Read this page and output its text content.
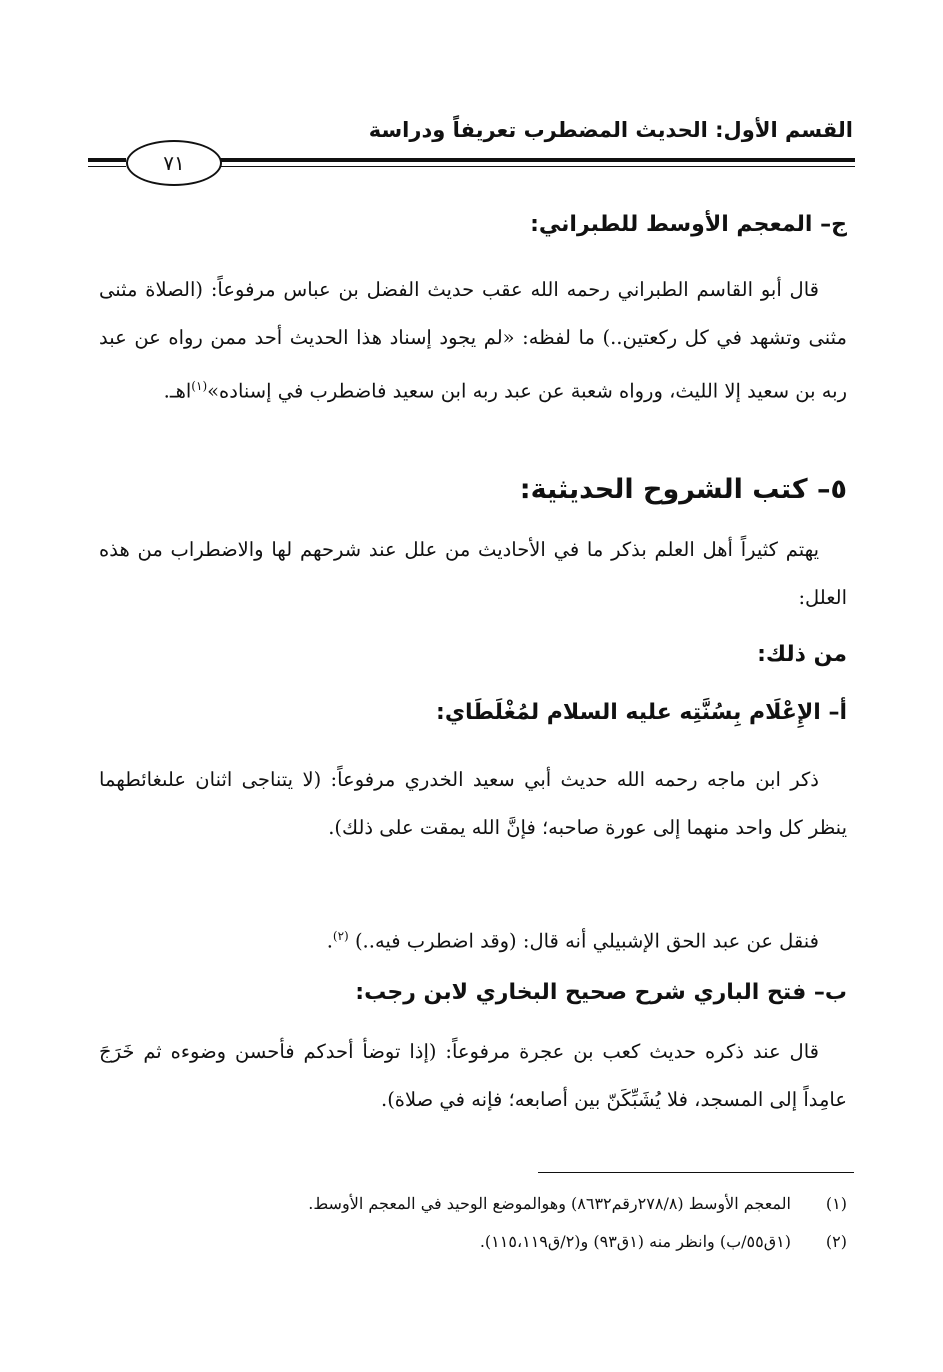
القسم الأول: الحديث المضطرب تعريفاً ودراسة
٧١
ج– المعجم الأوسط للطبراني:
قال أبو القاسم الطبراني رحمه الله عقب حديث الفضل بن عباس مرفوعاً: (الصلاة مثنى مثنى وتشهد في كل ركعتين..) ما لفظه: «لم يجود إسناد هذا الحديث أحد ممن رواه عن عبد ربه بن سعيد إلا الليث، ورواه شعبة عن عبد ربه ابن سعيد فاضطرب في إسناده»$^{(١)}$اهـ.
٥– كتب الشروح الحديثية:
يهتم كثيراً أهل العلم بذكر ما في الأحاديث من علل عند شرحهم لها والاضطراب من هذه العلل:
من ذلك:
أ– الإِعْلَام بِسُنَّتِه عليه السلام لمُغْلَطَاي:
ذكر ابن ماجه رحمه الله حديث أبي سعيد الخدري مرفوعاً: (لا يتناجى اثنان علىغائطهما ينظر كل واحد منهما إلى عورة صاحبه؛ فإنَّ الله يمقت على ذلك).
فنقل عن عبد الحق الإشبيلي أنه قال: (وقد اضطرب فيه..) $^{(٢)}$.
ب– فتح الباري شرح صحيح البخاري لابن رجب:
قال عند ذكره حديث كعب بن عجرة مرفوعاً: (إذا توضأ أحدكم فأحسن وضوءه ثم خَرَجَ عامِداً إلى المسجد، فلا يُشَبِّكَنّ بين أصابعه؛ فإنه في صلاة).
(١)المعجم الأوسط (٢٧٨/٨رقم٨٦٣٢) وهوالموضع الوحيد في المعجم الأوسط.
(٢)(١ق٥٥/ب) وانظر منه (١ق٩٣) و(٢/ق١١٥،١١٩).
